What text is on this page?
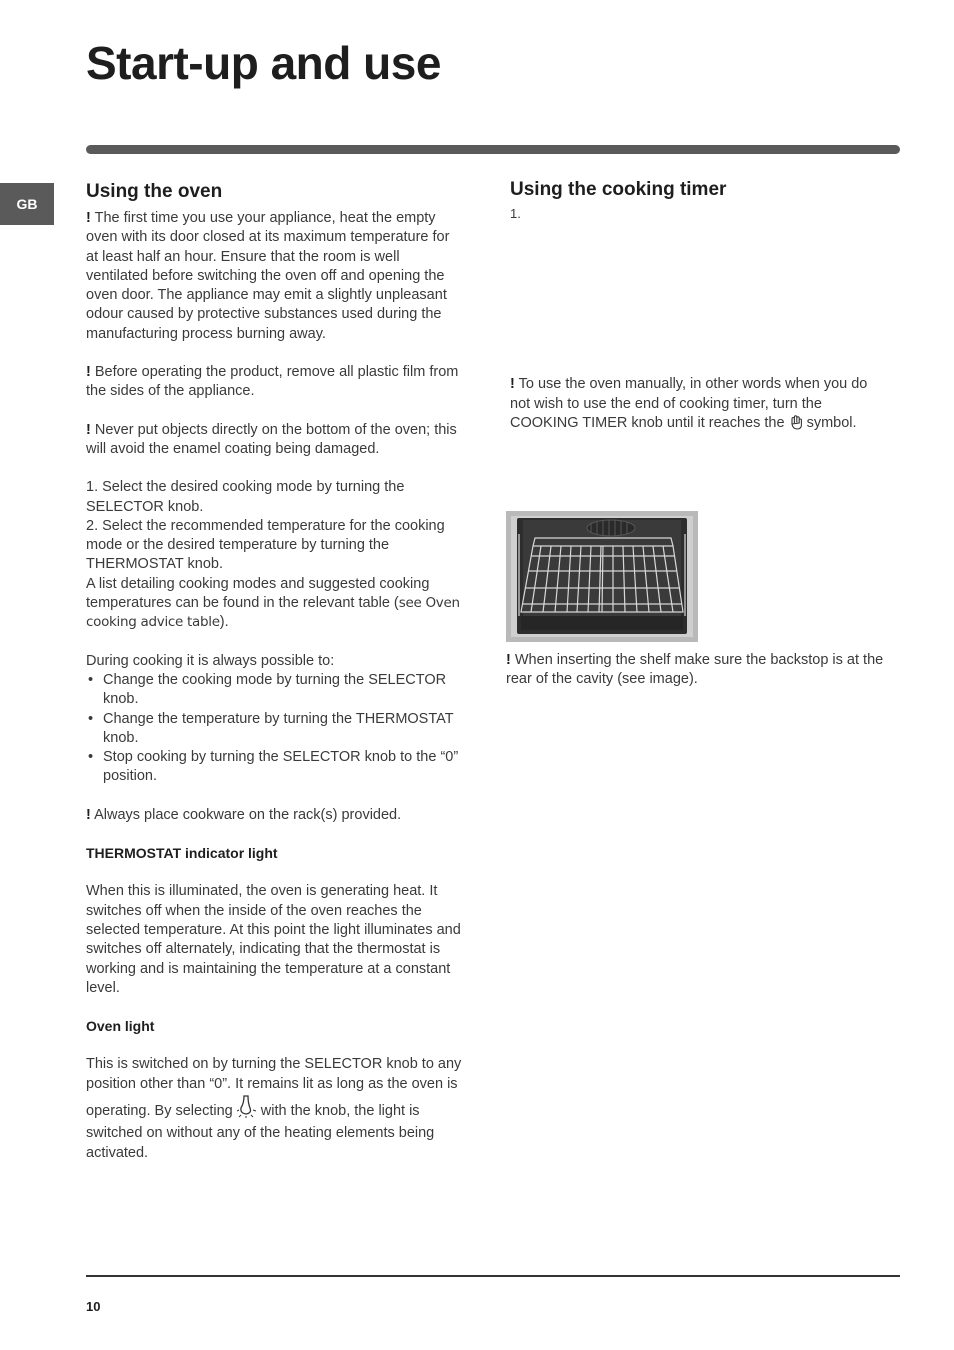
Start-up and use
GB
Using the oven

! The first time you use your appliance, heat the empty oven with its door closed at its maximum temperature for at least half an hour. Ensure that the room is well ventilated before switching the oven off and opening the oven door. The appliance may emit a slightly unpleasant odour caused by protective substances used during the manufacturing process burning away.

! Before operating the product, remove all plastic film from the sides of the appliance.

! Never put objects directly on the bottom of the oven; this will avoid the enamel coating being damaged.

1. Select the desired cooking mode by turning the SELECTOR knob.

2. Select the recommended temperature for the cooking mode or the desired temperature by turning the THERMOSTAT knob.

A list detailing cooking modes and suggested cooking temperatures can be found in the relevant table (see Oven cooking advice table).

During cooking it is always possible to:

• Change the cooking mode by turning the SELECTOR knob.
• Change the temperature by turning the THERMOSTAT knob.
• Stop cooking by turning the SELECTOR knob to the “0” position.

! Always place cookware on the rack(s) provided.

THERMOSTAT indicator light

When this is illuminated, the oven is generating heat. It switches off when the inside of the oven reaches the selected temperature. At this point the light illuminates and switches off alternately, indicating that the thermostat is working and is maintaining the temperature at a constant level.

Oven light

This is switched on by turning the SELECTOR knob to any position other than “0”. It remains lit as long as the oven is operating. By selecting with the knob, the light is switched on without any of the heating elements being activated.

Using the cooking timer

1.

! To use the oven manually, in other words when you do not wish to use the end of cooking timer, turn the COOKING TIMER knob until it reaches the symbol.

! When inserting the shelf make sure the backstop is at the rear of the cavity (see image).

10
